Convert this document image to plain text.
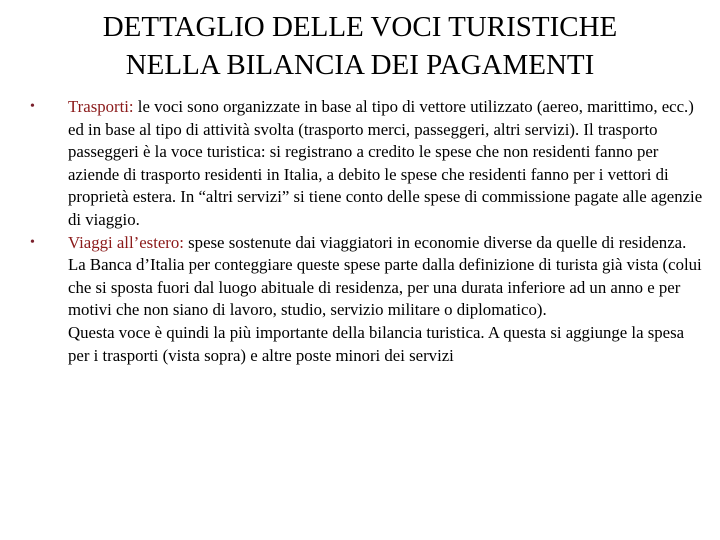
DETTAGLIO DELLE VOCI TURISTICHE
NELLA BILANCIA DEI PAGAMENTI
• Trasporti: le voci sono organizzate in base al tipo di vettore utilizzato (aereo, marittimo, ecc.) ed in base al tipo di attività svolta (trasporto merci, passeggeri, altri servizi). Il trasporto passeggeri è la voce turistica: si registrano a credito le spese che non residenti fanno per aziende di trasporto residenti in Italia, a debito le spese che residenti fanno per i vettori di proprietà estera. In “altri servizi” si tiene conto delle spese di commissione pagate alle agenzie di viaggio.
• Viaggi all’estero: spese sostenute dai viaggiatori in economie diverse da quelle di residenza. La Banca d’Italia per conteggiare queste spese parte dalla definizione di turista già vista (colui che si sposta fuori dal luogo abituale di residenza, per una durata inferiore ad un anno e per motivi che non siano di lavoro, studio, servizio militare o diplomatico).
Questa voce è quindi la più importante della bilancia turistica. A questa si aggiunge la spesa per i trasporti (vista sopra) e altre poste minori dei servizi
